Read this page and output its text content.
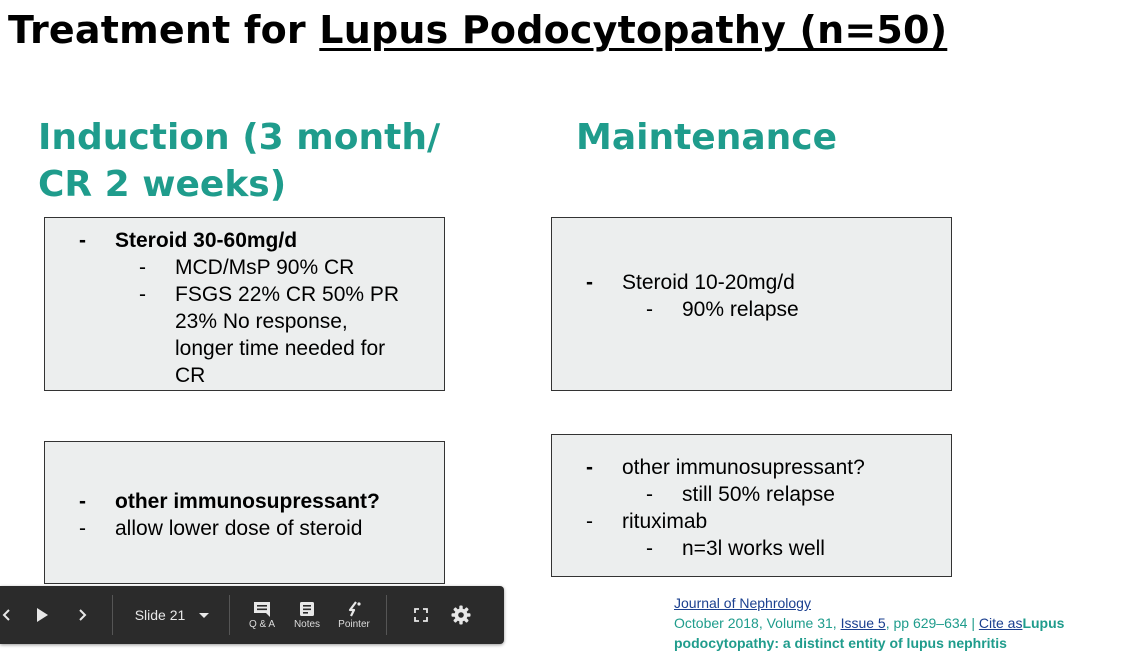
Treatment for Lupus Podocytopathy (n=50)
Induction (3 month/
CR 2 weeks)
Maintenance
-	Steroid 30-60mg/d
-	MCD/MsP 90% CR
-	FSGS 22% CR 50% PR
23% No response,
longer time needed for
CR
-	other immunosupressant?
-	allow lower dose of steroid
-	Steroid 10-20mg/d
-	90% relapse
-	other immunosupressant?
-	still 50% relapse
-	rituximab
-	n=3l works well
Slide 21
Q & A Notes Pointer
Journal of Nephrology
October 2018, Volume 31, Issue 5, pp 629–634 | Cite asLupus
podocytopathy: a distinct entity of lupus nephritis
